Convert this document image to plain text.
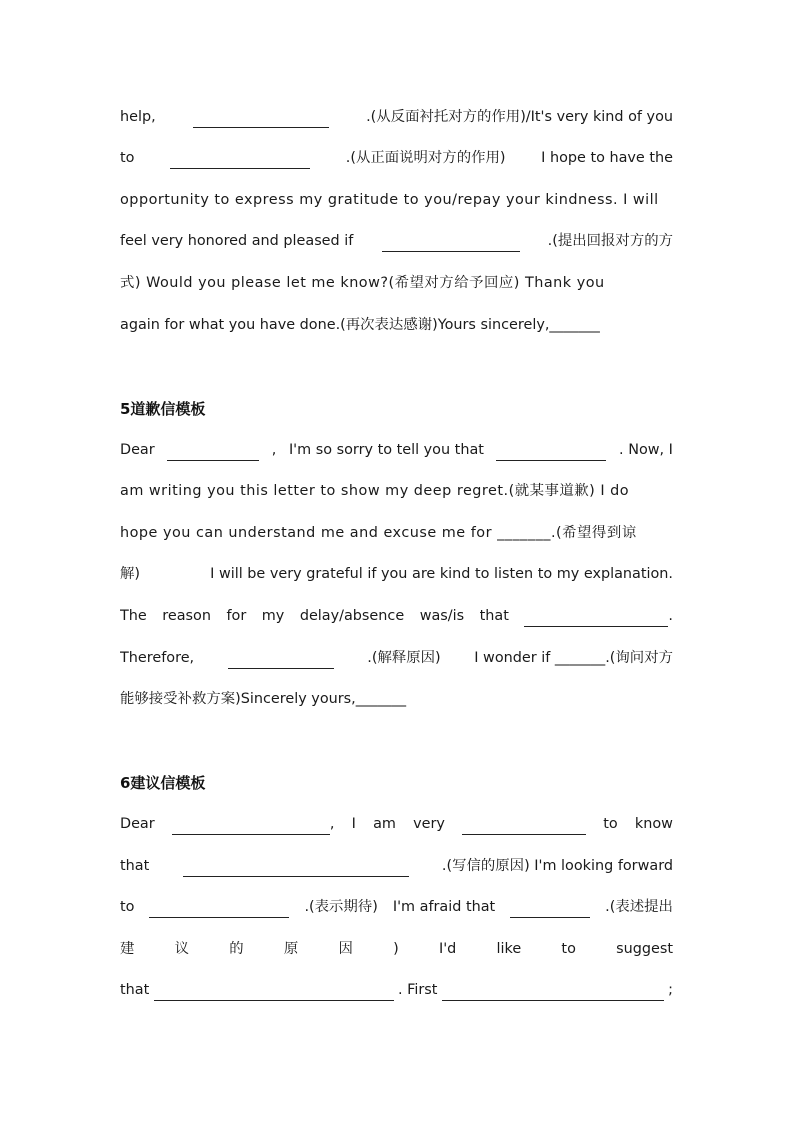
help,	.(从反面衬托对方的作用)/It's very kind of you
to	.(从正面说明对方的作用) I hope to have the
opportunity to express my gratitude to you/repay your kindness. I will
feel very honored and pleased if	.(提出回报对方的方
式) Would you please let me know?(希望对方给予回应) Thank you
again for what you have done.(再次表达感谢)Yours sincerely,_______
5道歉信模板
Dear	, I'm so sorry to tell you that	. Now, I
am writing you this letter to show my deep regret.(就某事道歉) I do
hope you can understand me and excuse me for _______.(希望得到谅
解)	I will be very grateful if you are kind to listen to my explanation.
The reason for my delay/absence was/is that	.
Therefore,	.(解释原因) I wonder if _______.(询问对方
能够接受补救方案)Sincerely yours,_______
6建议信模板
Dear	, I am very	to know
that	.(写信的原因) I'm looking forward
to	.(表示期待) I'm afraid that	.(表述提出
建	议	的	原	因	)	I'd	like	to	suggest
that	. First	;
